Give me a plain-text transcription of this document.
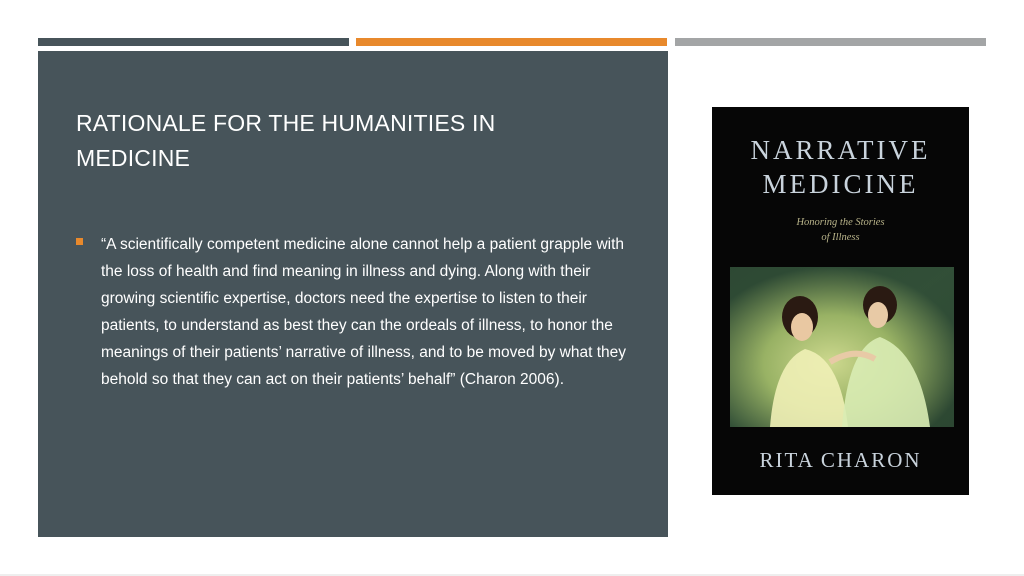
RATIONALE FOR THE HUMANITIES IN MEDICINE

“A scientifically competent medicine alone cannot help a patient grapple with the loss of health and find meaning in illness and dying. Along with their growing scientific expertise, doctors need the expertise to listen to their patients, to understand as best they can the ordeals of illness, to honor the meanings of their patients’ narrative of illness, and to be moved by what they behold so that they can act on their patients’ behalf” (Charon 2006).

NARRATIVE
MEDICINE
Honoring the Stories
of Illness
RITA CHARON
